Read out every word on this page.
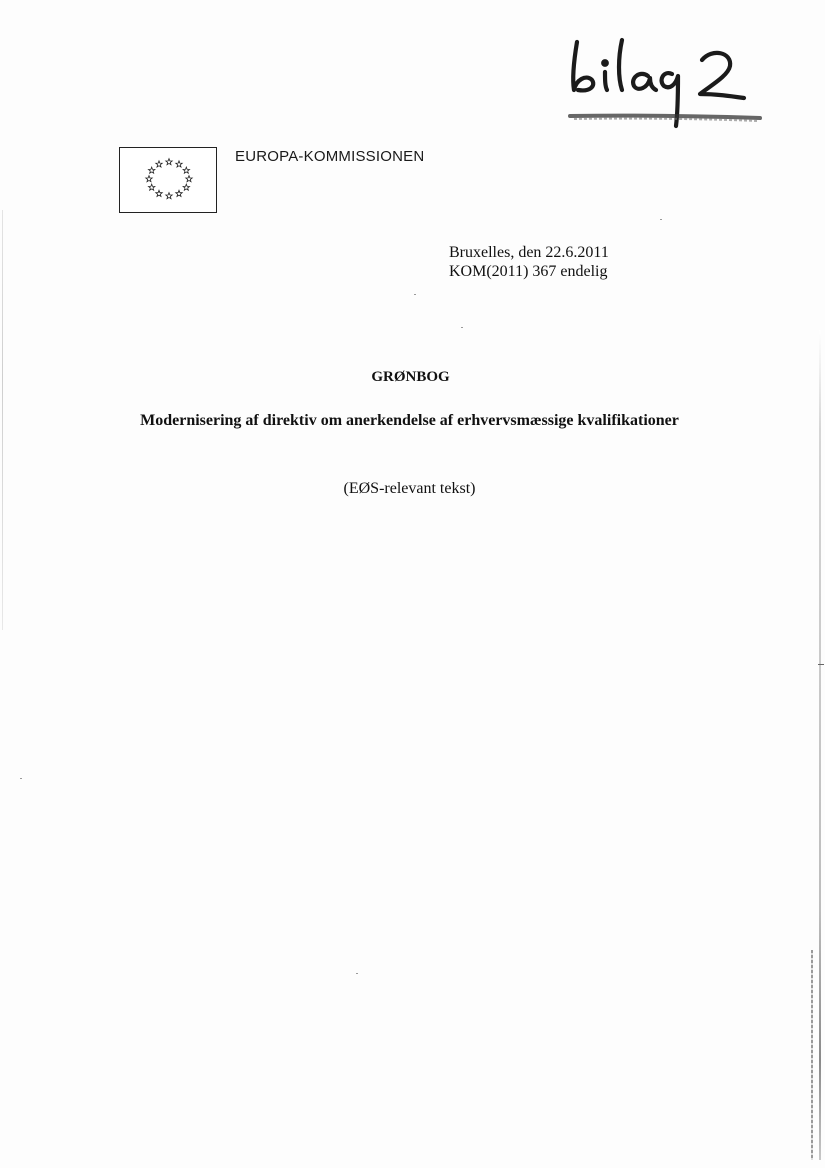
EUROPA-KOMMISSIONEN
Bruxelles, den 22.6.2011
KOM(2011) 367 endelig
GRØNBOG
Modernisering af direktiv om anerkendelse af erhvervsmæssige kvalifikationer
(EØS-relevant tekst)
